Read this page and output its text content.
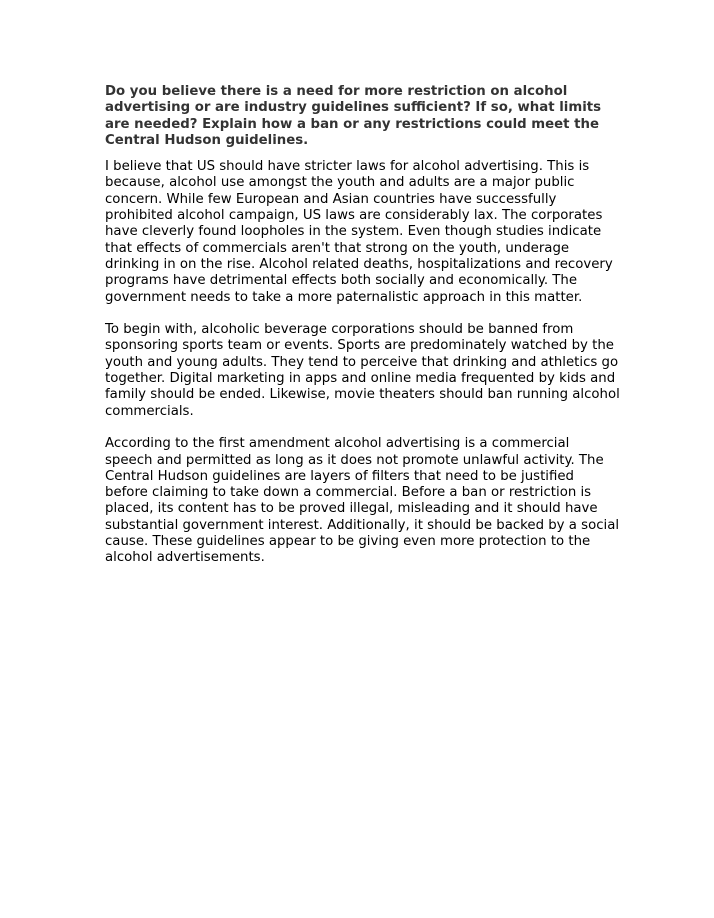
Do you believe there is a need for more restriction on alcohol advertising or are industry guidelines sufficient? If so, what limits are needed? Explain how a ban or any restrictions could meet the Central Hudson guidelines.

I believe that US should have stricter laws for alcohol advertising. This is because, alcohol use amongst the youth and adults are a major public concern. While few European and Asian countries have successfully prohibited alcohol campaign, US laws are considerably lax. The corporates have cleverly found loopholes in the system. Even though studies indicate that effects of commercials aren't that strong on the youth, underage drinking in on the rise. Alcohol related deaths, hospitalizations and recovery programs have detrimental effects both socially and economically. The government needs to take a more paternalistic approach in this matter.

To begin with, alcoholic beverage corporations should be banned from sponsoring sports team or events. Sports are predominately watched by the youth and young adults. They tend to perceive that drinking and athletics go together. Digital marketing in apps and online media frequented by kids and family should be ended. Likewise, movie theaters should ban running alcohol commercials.

According to the first amendment alcohol advertising is a commercial speech and permitted as long as it does not promote unlawful activity. The Central Hudson guidelines are layers of filters that need to be justified before claiming to take down a commercial. Before a ban or restriction is placed, its content has to be proved illegal, misleading and it should have substantial government interest. Additionally, it should be backed by a social cause. These guidelines appear to be giving even more protection to the alcohol advertisements.
